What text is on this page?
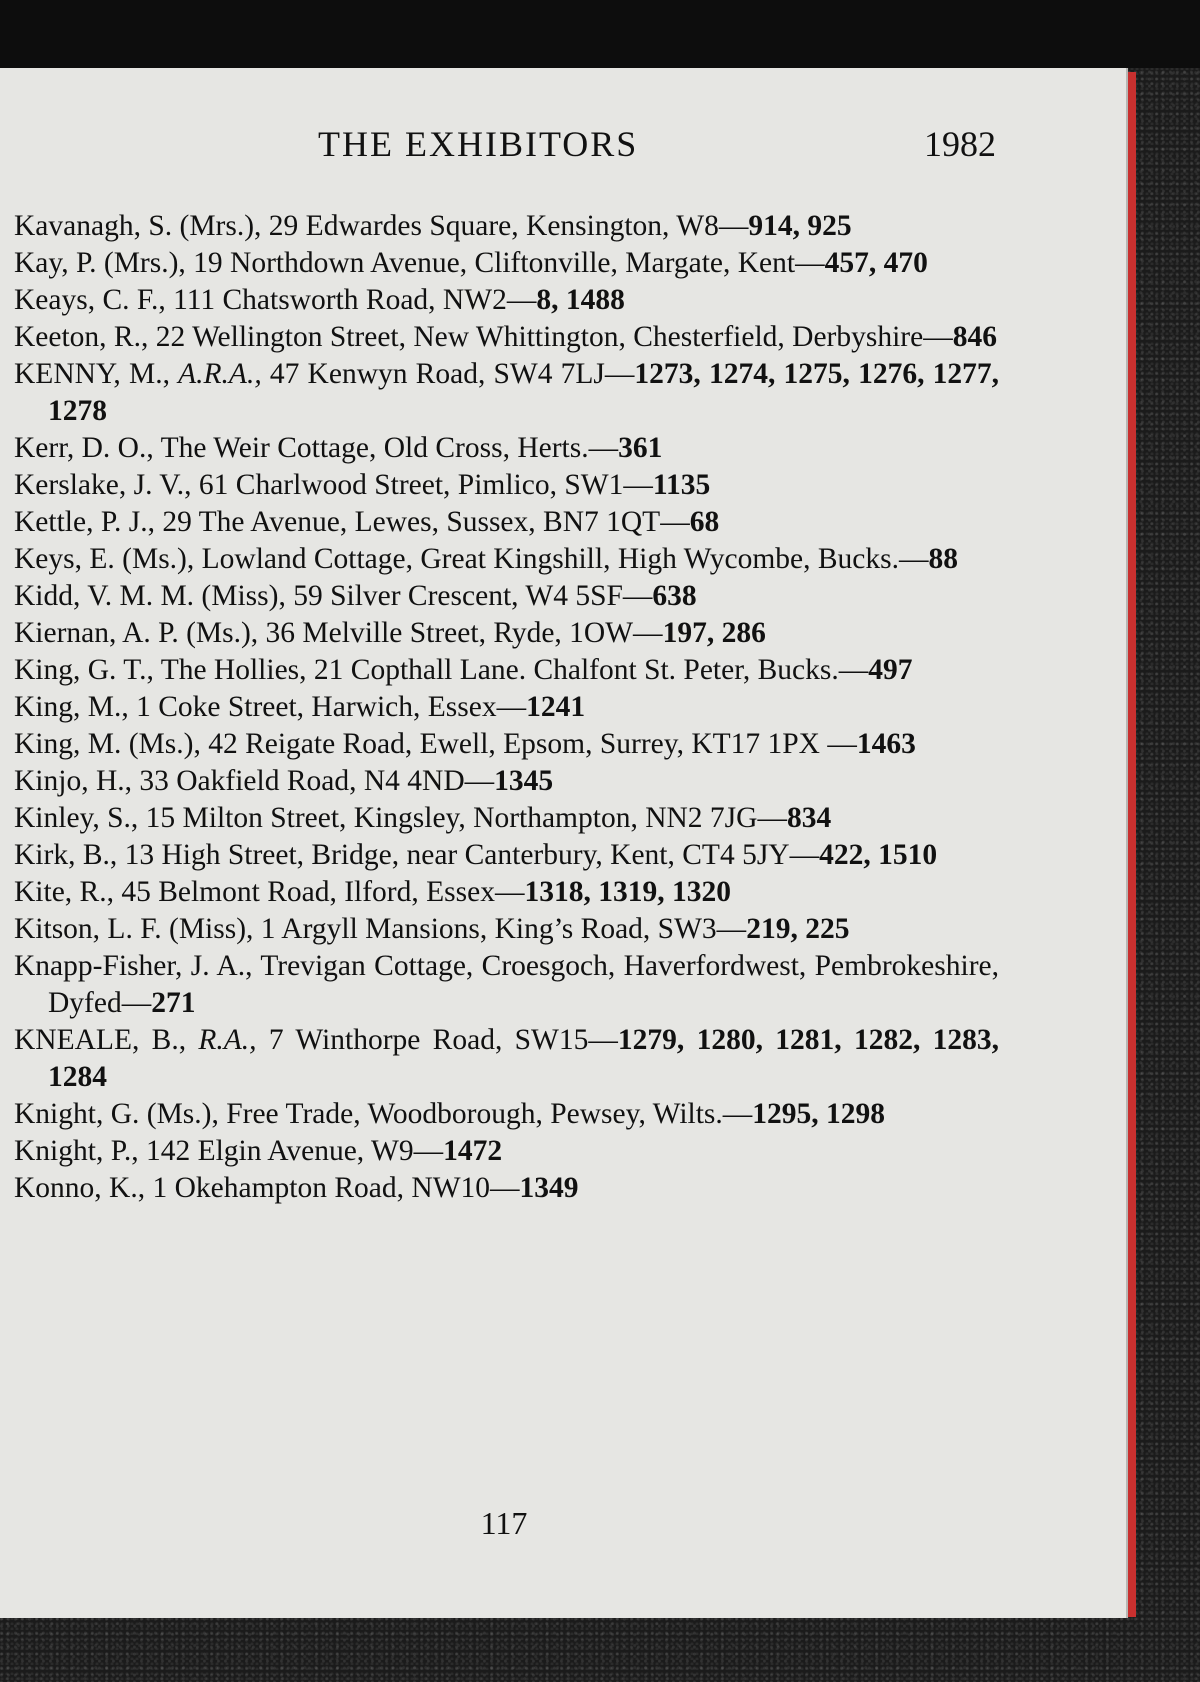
THE EXHIBITORS	1982
Kavanagh, S. (Mrs.), 29 Edwardes Square, Kensington, W8—914, 925
Kay, P. (Mrs.), 19 Northdown Avenue, Cliftonville, Margate, Kent—457, 470
Keays, C. F., 111 Chatsworth Road, NW2—8, 1488
Keeton, R., 22 Wellington Street, New Whittington, Chesterfield, Derbyshire—846
KENNY, M., A.R.A., 47 Kenwyn Road, SW4 7LJ—1273, 1274, 1275, 1276, 1277, 1278
Kerr, D. O., The Weir Cottage, Old Cross, Herts.—361
Kerslake, J. V., 61 Charlwood Street, Pimlico, SW1—1135
Kettle, P. J., 29 The Avenue, Lewes, Sussex, BN7 1QT—68
Keys, E. (Ms.), Lowland Cottage, Great Kingshill, High Wycombe, Bucks.—88
Kidd, V. M. M. (Miss), 59 Silver Crescent, W4 5SF—638
Kiernan, A. P. (Ms.), 36 Melville Street, Ryde, 1OW—197, 286
King, G. T., The Hollies, 21 Copthall Lane. Chalfont St. Peter, Bucks.—497
King, M., 1 Coke Street, Harwich, Essex—1241
King, M. (Ms.), 42 Reigate Road, Ewell, Epsom, Surrey, KT17 1PX —1463
Kinjo, H., 33 Oakfield Road, N4 4ND—1345
Kinley, S., 15 Milton Street, Kingsley, Northampton, NN2 7JG—834
Kirk, B., 13 High Street, Bridge, near Canterbury, Kent, CT4 5JY—422, 1510
Kite, R., 45 Belmont Road, Ilford, Essex—1318, 1319, 1320
Kitson, L. F. (Miss), 1 Argyll Mansions, King’s Road, SW3—219, 225
Knapp-Fisher, J. A., Trevigan Cottage, Croesgoch, Haverfordwest, Pembrokeshire, Dyfed—271
KNEALE, B., R.A., 7 Winthorpe Road, SW15—1279, 1280, 1281, 1282, 1283, 1284
Knight, G. (Ms.), Free Trade, Woodborough, Pewsey, Wilts.—1295, 1298
Knight, P., 142 Elgin Avenue, W9—1472
Konno, K., 1 Okehampton Road, NW10—1349
117
